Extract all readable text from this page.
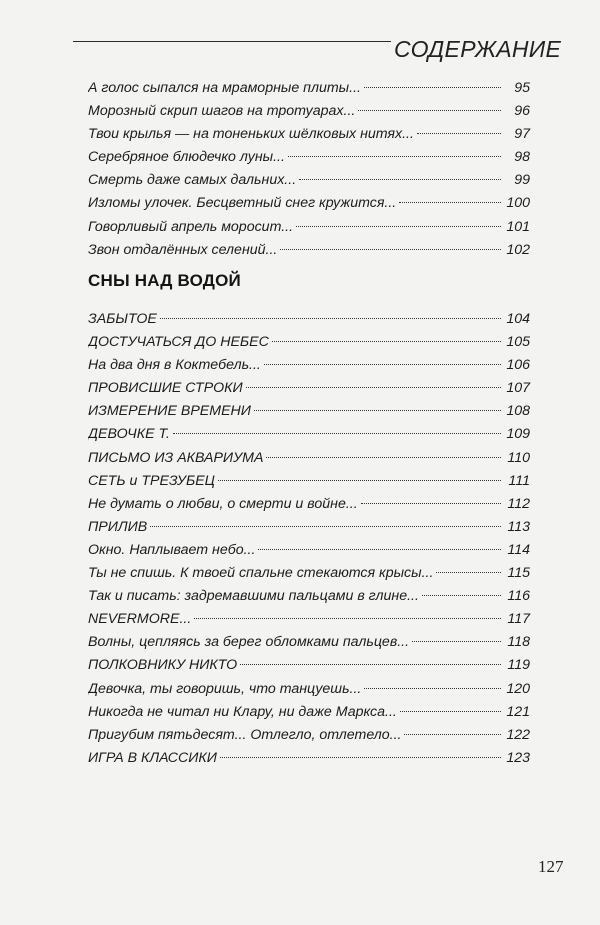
СОДЕРЖАНИЕ
А голос сыпался на мраморные плиты...	95
Морозный скрип шагов на тротуарах...	96
Твои крылья — на тоненьких шёлковых нитях...	97
Серебряное блюдечко луны...	98
Смерть даже самых дальних...	99
Изломы улочек. Бесцветный снег кружится...	100
Говорливый апрель моросит...	101
Звон отдалённых селений...	102
СНЫ НАД ВОДОЙ
ЗАБЫТОЕ	104
ДОСТУЧАТЬСЯ ДО НЕБЕС	105
На два дня в Коктебель...	106
ПРОВИСШИЕ СТРОКИ	107
ИЗМЕРЕНИЕ ВРЕМЕНИ	108
ДЕВОЧКЕ Т.	109
ПИСЬМО ИЗ АКВАРИУМА	110
СЕТЬ и ТРЕЗУБЕЦ	111
Не думать о любви, о смерти и войне...	112
ПРИЛИВ	113
Окно. Наплывает небо...	114
Ты не спишь. К твоей спальне стекаются крысы...	115
Так и писать: задремавшими пальцами в глине...	116
NEVERMORE...	117
Волны, цепляясь за берег обломками пальцев...	118
ПОЛКОВНИКУ НИКТО	119
Девочка, ты говоришь, что танцуешь...	120
Никогда не читал ни Клару, ни даже Маркса...	121
Пригубим пятьдесят... Отлегло, отлетело...	122
ИГРА В КЛАССИКИ	123
127
